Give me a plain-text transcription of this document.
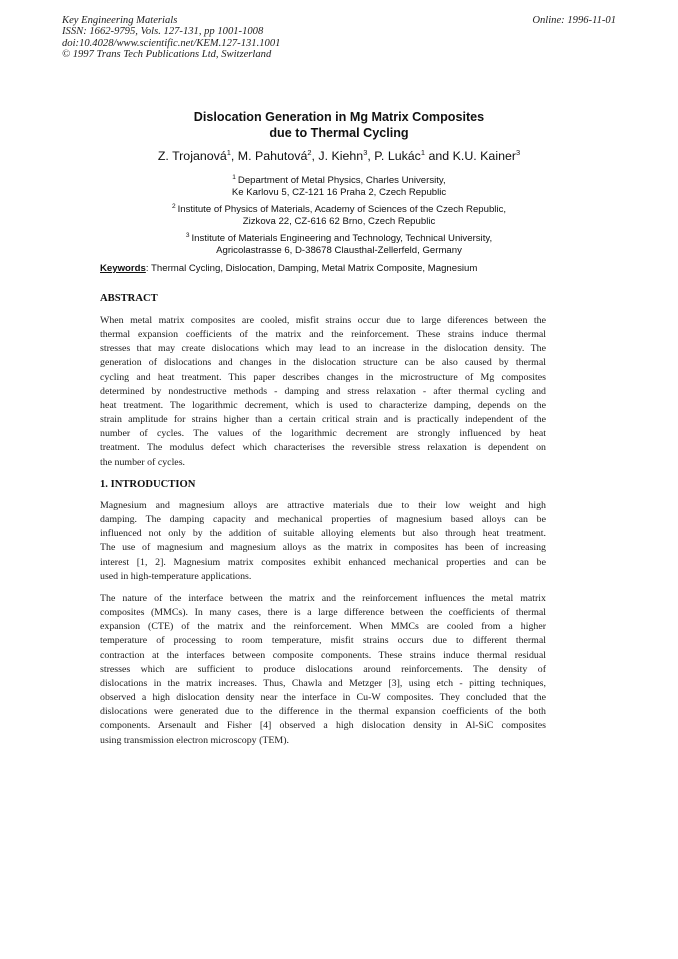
Key Engineering Materials
ISSN: 1662-9795, Vols. 127-131, pp 1001-1008
doi:10.4028/www.scientific.net/KEM.127-131.1001
© 1997 Trans Tech Publications Ltd, Switzerland
Online: 1996-11-01
Dislocation Generation in Mg Matrix Composites
due to Thermal Cycling
Z. Trojanová$^1$, M. Pahutová$^2$, J. Kiehn$^3$, P. Lukác$^1$ and K.U. Kainer$^3$
$^1$ Department of Metal Physics, Charles University,
Ke Karlovu 5, CZ-121 16 Praha 2, Czech Republic
$^2$ Institute of Physics of Materials, Academy of Sciences of the Czech Republic,
Zizkova 22, CZ-616 62 Brno, Czech Republic
$^3$ Institute of Materials Engineering and Technology, Technical University,
Agricolastrasse 6, D-38678 Clausthal-Zellerfeld, Germany
Keywords: Thermal Cycling, Dislocation, Damping, Metal Matrix Composite, Magnesium
ABSTRACT
When metal matrix composites are cooled, misfit strains occur due to large diferences between the
thermal expansion coefficients of the matrix and the reinforcement. These strains induce thermal
stresses that may create dislocations which may lead to an increase in the dislocation density. The
generation of dislocations and changes in the dislocation structure can be also caused by thermal
cycling and heat treatment. This paper describes changes in the microstructure of Mg composites
determined by nondestructive methods - damping and stress relaxation - after thermal cycling and
heat treatment. The logarithmic decrement, which is used to characterize damping, depends on the
strain amplitude for strains higher than a certain critical strain and is practically independent of the
number of cycles. The values of the logarithmic decrement are strongly influenced by heat
treatment. The modulus defect which characterises the reversible stress relaxation is dependent on
the number of cycles.
1. INTRODUCTION
Magnesium and magnesium alloys are attractive materials due to their low weight and high
damping. The damping capacity and mechanical properties of magnesium based alloys can be
influenced not only by the addition of suitable alloying elements but also through heat treatment.
The use of magnesium and magnesium alloys as the matrix in composites has been of increasing
interest [1, 2]. Magnesium matrix composites exhibit enhanced mechanical properties and can be
used in high-temperature applications.
The nature of the interface between the matrix and the reinforcement influences the metal matrix
composites (MMCs). In many cases, there is a large difference between the coefficients of thermal
expansion (CTE) of the matrix and the reinforcement. When MMCs are cooled from a higher
temperature of processing to room temperature, misfit strains occurs due to different thermal
contraction at the interfaces between composite components. These strains induce thermal residual
stresses which are sufficient to produce dislocations around reinforcements. The density of
dislocations in the matrix increases. Thus, Chawla and Metzger [3], using etch - pitting techniques,
observed a high dislocation density near the interface in Cu-W composites. They concluded that the
dislocations were generated due to the difference in the thermal expansion coefficients of the both
components. Arsenault and Fisher [4] observed a high dislocation density in Al-SiC composites
using transmission electron microscopy (TEM).
